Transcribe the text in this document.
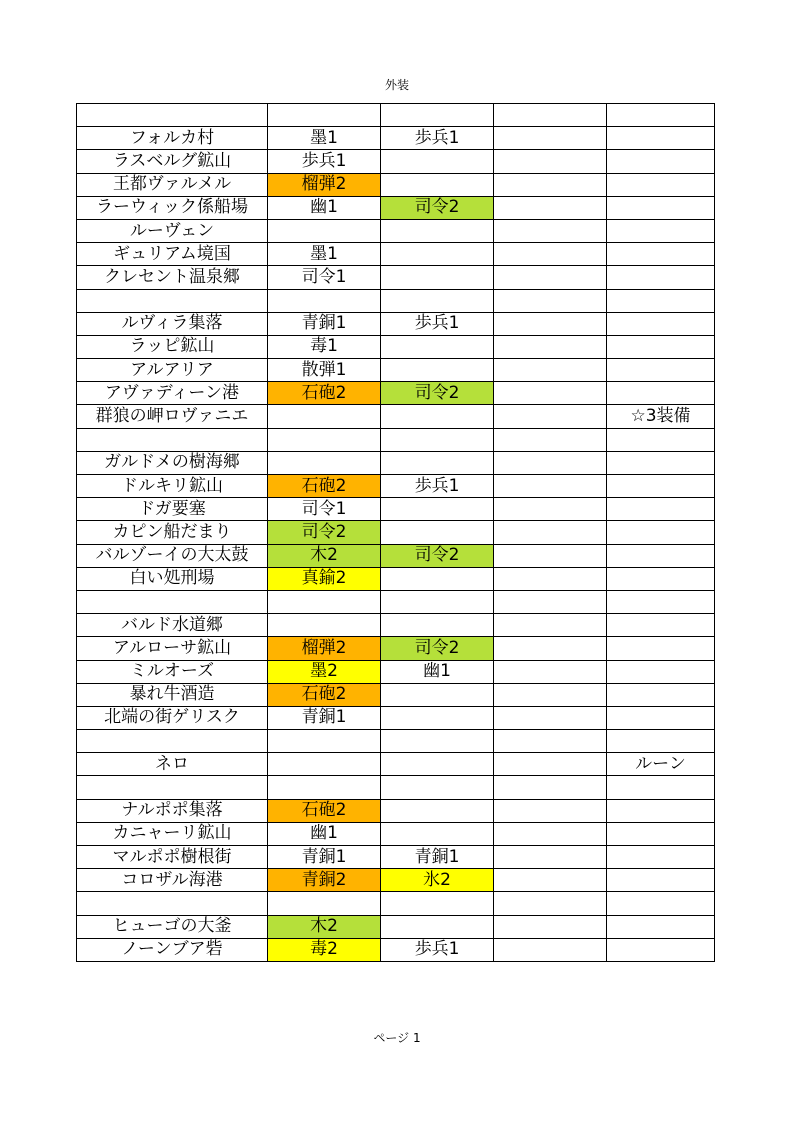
外装

フォルカ村	墨1	歩兵1		
ラスベルグ鉱山	歩兵1			
王都ヴァルメル	榴弾2			
ラーウィック係船場	幽1	司令2		
ルーヴェン				
ギュリアム境国	墨1			
クレセント温泉郷	司令1			

ルヴィラ集落	青銅1	歩兵1		
ラッピ鉱山	毒1			
アルアリア	散弾1			
アヴァディーン港	石砲2	司令2		
群狼の岬ロヴァニエ				☆3装備

ガルドメの樹海郷				
ドルキリ鉱山	石砲2	歩兵1		
ドガ要塞	司令1			
カピン船だまり	司令2			
バルゾーイの大太鼓	木2	司令2		
白い処刑場	真鍮2			

バルド水道郷				
アルローサ鉱山	榴弾2	司令2		
ミルオーズ	墨2	幽1		
暴れ牛酒造	石砲2			
北端の街ゲリスク	青銅1			

ネロ				ルーン

ナルポポ集落	石砲2			
カニャーリ鉱山	幽1			
マルポポ樹根街	青銅1	青銅1		
コロザル海港	青銅2	氷2		

ヒューゴの大釜	木2			
ノーンブア砦	毒2	歩兵1		
ページ 1
